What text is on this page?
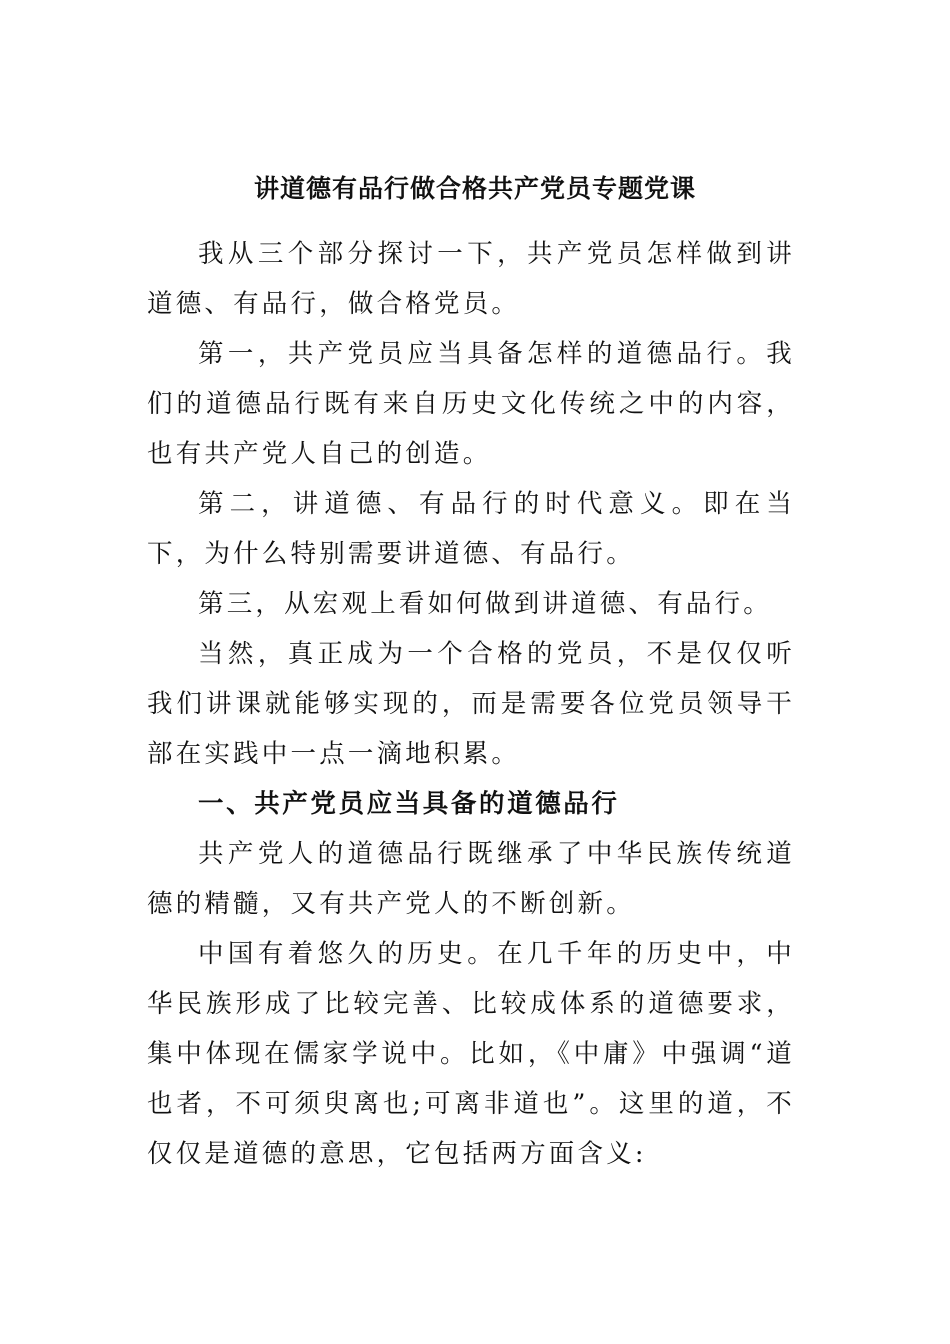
讲道德有品行做合格共产党员专题党课

我从三个部分探讨一下，共产党员怎样做到讲道德、有品行，做合格党员。

第一，共产党员应当具备怎样的道德品行。我们的道德品行既有来自历史文化传统之中的内容，也有共产党人自己的创造。

第二，讲道德、有品行的时代意义。即在当下，为什么特别需要讲道德、有品行。

第三，从宏观上看如何做到讲道德、有品行。

当然，真正成为一个合格的党员，不是仅仅听我们讲课就能够实现的，而是需要各位党员领导干部在实践中一点一滴地积累。

一、共产党员应当具备的道德品行

共产党人的道德品行既继承了中华民族传统道德的精髓，又有共产党人的不断创新。

中国有着悠久的历史。在几千年的历史中，中华民族形成了比较完善、比较成体系的道德要求，集中体现在儒家学说中。比如，《中庸》中强调“道也者，不可须臾离也;可离非道也”。这里的道，不仅仅是道德的意思，它包括两方面含义:
